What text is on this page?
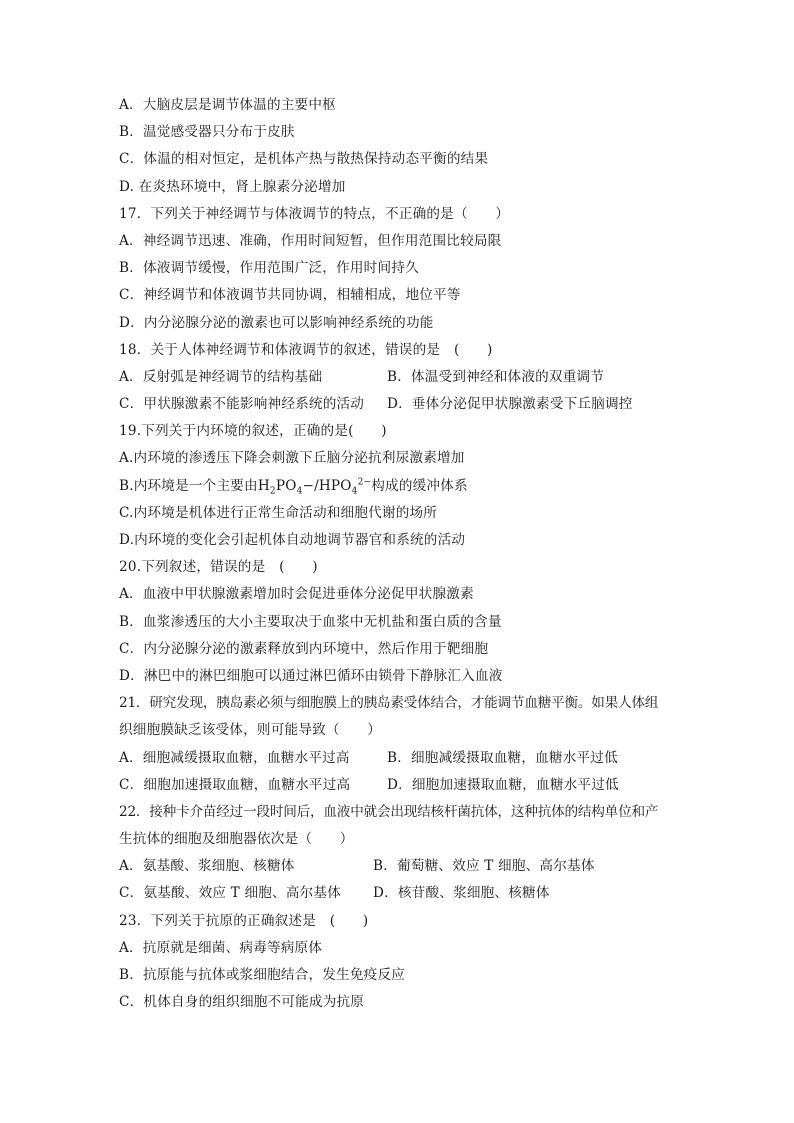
A．大脑皮层是调节体温的主要中枢
B．温觉感受器只分布于皮肤
C．体温的相对恒定，是机体产热与散热保持动态平衡的结果
D. 在炎热环境中，肾上腺素分泌增加
17．下列关于神经调节与体液调节的特点，不正确的是（　　）
A．神经调节迅速、准确，作用时间短暂，但作用范围比较局限
B．体液调节缓慢，作用范围广泛，作用时间持久
C．神经调节和体液调节共同协调，相辅相成，地位平等
D．内分泌腺分泌的激素也可以影响神经系统的功能
18．关于人体神经调节和体液调节的叙述，错误的是　(　　)
A．反射弧是神经调节的结构基础	B．体温受到神经和体液的双重调节
C．甲状腺激素不能影响神经系统的活动	D．垂体分泌促甲状腺激素受下丘脑调控
19.下列关于内环境的叙述，正确的是(　　)
A.内环境的渗透压下降会刺激下丘脑分泌抗利尿激素增加
B.内环境是一个主要由$H_2PO_4-/HPO_4^{2-}$构成的缓冲体系
C.内环境是机体进行正常生命活动和细胞代谢的场所
D.内环境的变化会引起机体自动地调节器官和系统的活动
20.下列叙述，错误的是　(　　)
A．血液中甲状腺激素增加时会促进垂体分泌促甲状腺激素
B．血浆渗透压的大小主要取决于血浆中无机盐和蛋白质的含量
C．内分泌腺分泌的激素释放到内环境中，然后作用于靶细胞
D．淋巴中的淋巴细胞可以通过淋巴循环由锁骨下静脉汇入血液
21．研究发现，胰岛素必须与细胞膜上的胰岛素受体结合，才能调节血糖平衡。如果人体组
织细胞膜缺乏该受体，则可能导致（　　）
A．细胞减缓摄取血糖，血糖水平过高	B．细胞减缓摄取血糖，血糖水平过低
C．细胞加速摄取血糖，血糖水平过高	D．细胞加速摄取血糖，血糖水平过低
22．接种卡介苗经过一段时间后，血液中就会出现结核杆菌抗体，这种抗体的结构单位和产
生抗体的细胞及细胞器依次是（　　）
A．氨基酸、浆细胞、核糖体	B．葡萄糖、效应 T 细胞、高尔基体
C．氨基酸、效应 T 细胞、高尔基体	D．核苷酸、浆细胞、核糖体
23．下列关于抗原的正确叙述是　(　　)
A．抗原就是细菌、病毒等病原体
B．抗原能与抗体或浆细胞结合，发生免疫反应
C．机体自身的组织细胞不可能成为抗原
